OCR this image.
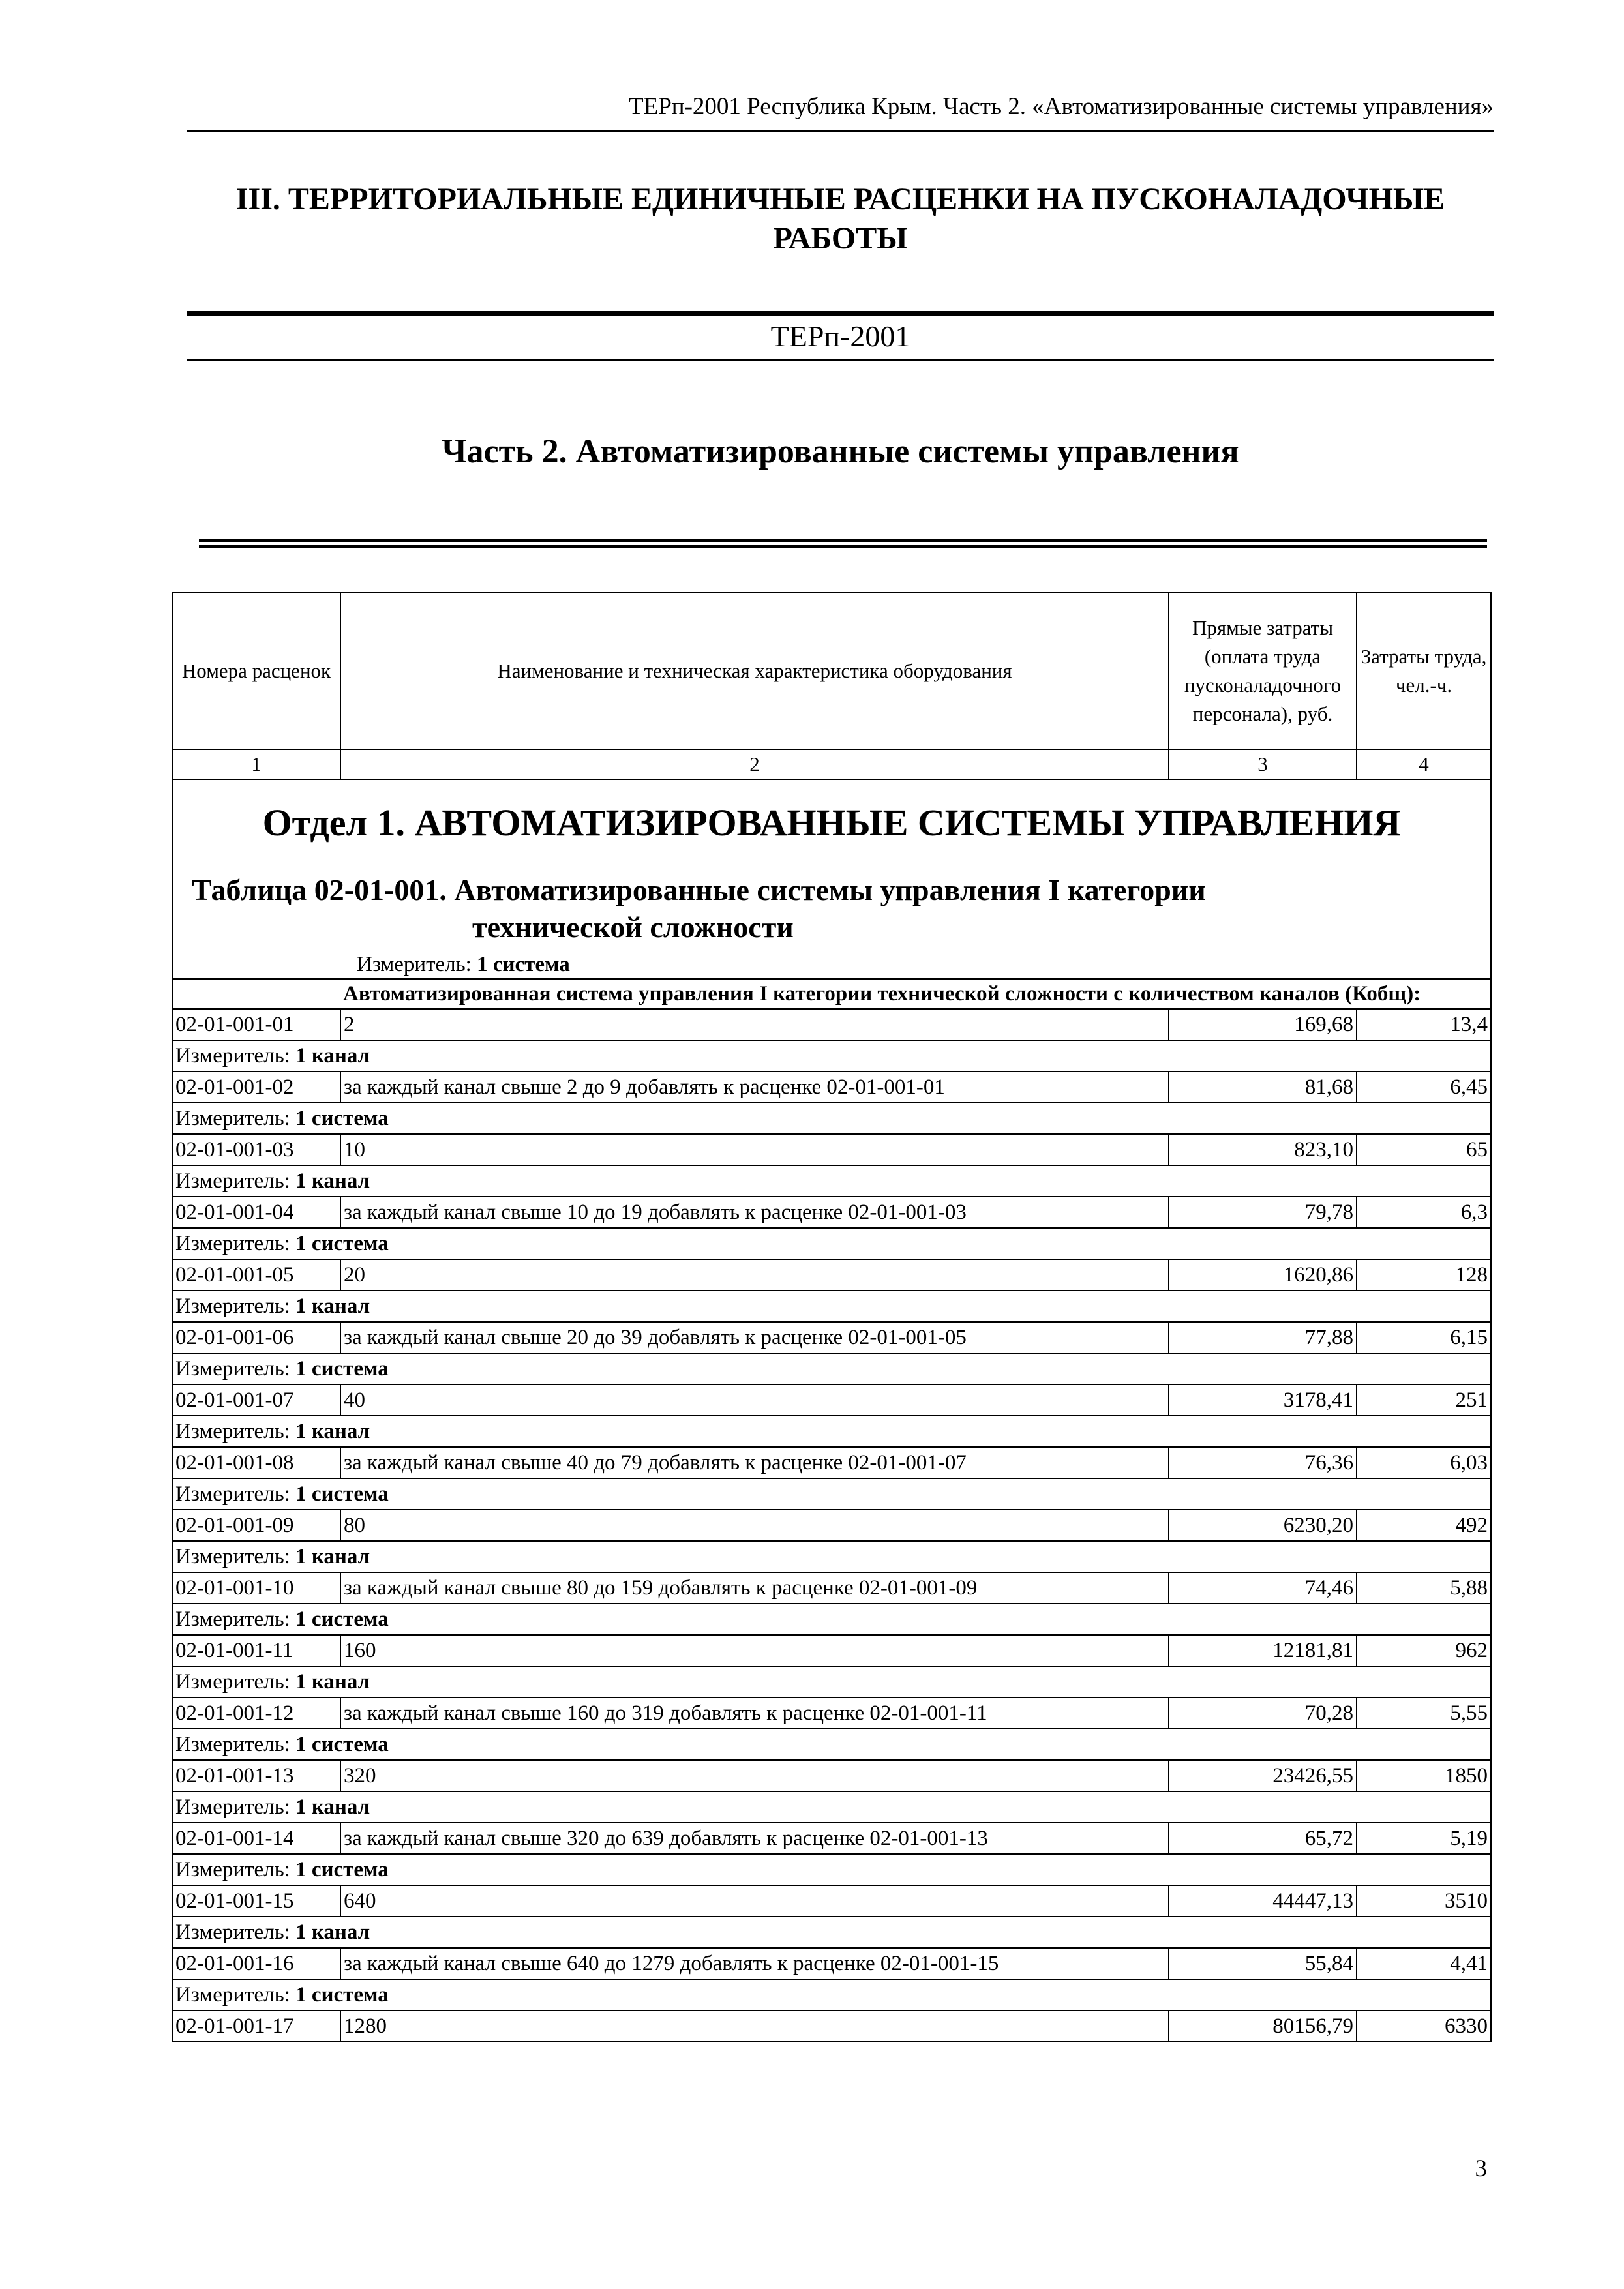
ТЕРп-2001 Республика Крым. Часть 2. «Автоматизированные системы управления»
III. ТЕРРИТОРИАЛЬНЫЕ ЕДИНИЧНЫЕ РАСЦЕНКИ НА ПУСКОНАЛАДОЧНЫЕ
РАБОТЫ
ТЕРп-2001
Часть 2. Автоматизированные системы управления
Номера расценок	Наименование и техническая характеристика оборудования	Прямые затраты (оплата труда пусконаладочного персонала), руб.	Затраты труда, чел.-ч.
1	2	3	4

Отдел 1. АВТОМАТИЗИРОВАННЫЕ СИСТЕМЫ УПРАВЛЕНИЯ
Таблица 02-01-001. Автоматизированные системы управления I категории
технической сложности
Измеритель: 1 система			

	Автоматизированная система управления I категории технической сложности с количеством каналов (Кобщ):		
02-01-001-01	2	169,68	13,4
Измеритель: 1 канал			
02-01-001-02	за каждый канал свыше 2 до 9 добавлять к расценке 02-01-001-01	81,68	6,45
Измеритель: 1 система			
02-01-001-03	10	823,10	65
Измеритель: 1 канал			
02-01-001-04	за каждый канал свыше 10 до 19 добавлять к расценке 02-01-001-03	79,78	6,3
Измеритель: 1 система			
02-01-001-05	20	1620,86	128
Измеритель: 1 канал			
02-01-001-06	за каждый канал свыше 20 до 39 добавлять к расценке 02-01-001-05	77,88	6,15
Измеритель: 1 система			
02-01-001-07	40	3178,41	251
Измеритель: 1 канал			
02-01-001-08	за каждый канал свыше 40 до 79 добавлять к расценке 02-01-001-07	76,36	6,03
Измеритель: 1 система			
02-01-001-09	80	6230,20	492
Измеритель: 1 канал			
02-01-001-10	за каждый канал свыше 80 до 159 добавлять к расценке 02-01-001-09	74,46	5,88
Измеритель: 1 система			
02-01-001-11	160	12181,81	962
Измеритель: 1 канал			
02-01-001-12	за каждый канал свыше 160 до 319 добавлять к расценке 02-01-001-11	70,28	5,55
Измеритель: 1 система			
02-01-001-13	320	23426,55	1850
Измеритель: 1 канал			
02-01-001-14	за каждый канал свыше 320 до 639 добавлять к расценке 02-01-001-13	65,72	5,19
Измеритель: 1 система			
02-01-001-15	640	44447,13	3510
Измеритель: 1 канал			
02-01-001-16	за каждый канал свыше 640 до 1279 добавлять к расценке 02-01-001-15	55,84	4,41
Измеритель: 1 система			
02-01-001-17	1280	80156,79	6330
3
